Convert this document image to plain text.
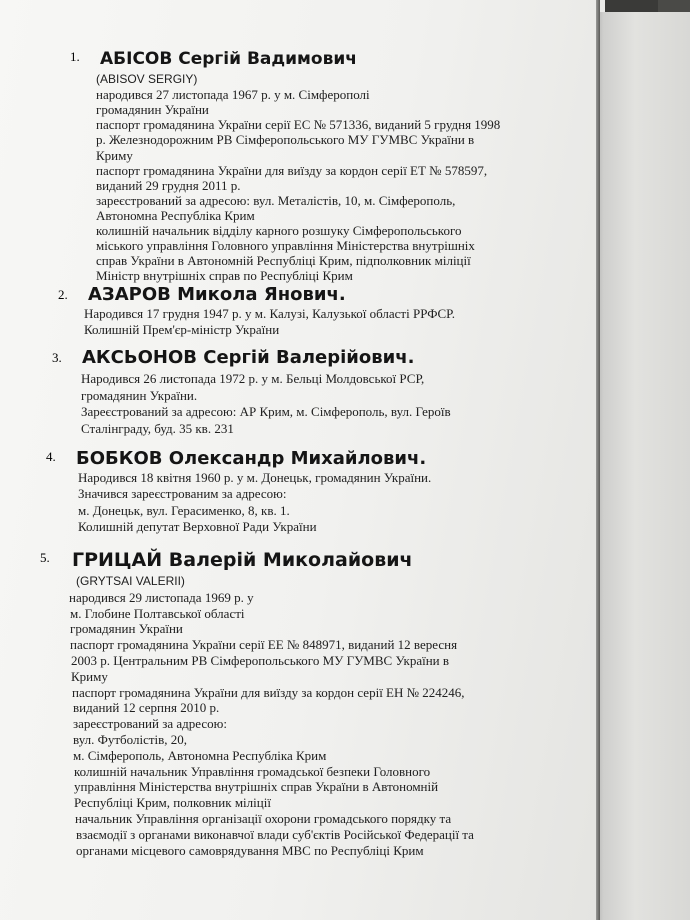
1. АБІСОВ Сергій Вадимович
(ABISOV SERGIY)
народився 27 листопада 1967 р. у м. Сімферополі
громадянин України
паспорт громадянина України серії ЕС № 571336, виданий 5 грудня 1998
р. Железнодорожним РВ Сімферопольського МУ ГУМВС України в
Криму
паспорт громадянина України для виїзду за кордон серії ЕТ № 578597,
виданий 29 грудня 2011 р.
зареєстрований за адресою: вул. Металістів, 10, м. Сімферополь,
Автономна Республіка Крим
колишній начальник відділу карного розшуку Сімферопольського
міського управління Головного управління Міністерства внутрішніх
справ України в Автономній Республіці Крим, підполковник міліції
Міністр внутрішніх справ по Республіці Крим
2. АЗАРОВ Микола Янович.
Народився 17 грудня 1947 р. у м. Калузі, Калузької області РРФСР.
Колишній Прем'єр-міністр України
3. АКСЬОНОВ Сергій Валерійович.
Народився 26 листопада 1972 р. у м. Бельці Молдовської РСР,
громадянин України.
Зареєстрований за адресою: АР Крим, м. Сімферополь, вул. Героїв
Сталінграду, буд. 35 кв. 231
4. БОБКОВ Олександр Михайлович.
Народився 18 квітня 1960 р. у м. Донецьк, громадянин України.
Значився зареєстрованим за адресою:
м. Донецьк, вул. Герасименко, 8, кв. 1.
Колишній депутат Верховної Ради України
5. ГРИЦАЙ Валерій Миколайович
(GRYTSAI VALERII)
народився 29 листопада 1969 р. у
м. Глобине Полтавської області
громадянин України
паспорт громадянина України серії ЕЕ № 848971, виданий 12 вересня
2003 р. Центральним РВ Сімферопольського МУ ГУМВС України в
Криму
паспорт громадянина України для виїзду за кордон серії ЕН № 224246,
виданий 12 серпня 2010 р.
зареєстрований за адресою:
вул. Футболістів, 20,
м. Сімферополь, Автономна Республіка Крим
колишній начальник Управління громадської безпеки Головного
управління Міністерства внутрішніх справ України в Автономній
Республіці Крим, полковник міліції
начальник Управління організації охорони громадського порядку та
взаємодії з органами виконавчої влади суб'єктів Російської Федерації та
органами місцевого самоврядування МВС по Республіці Крим
